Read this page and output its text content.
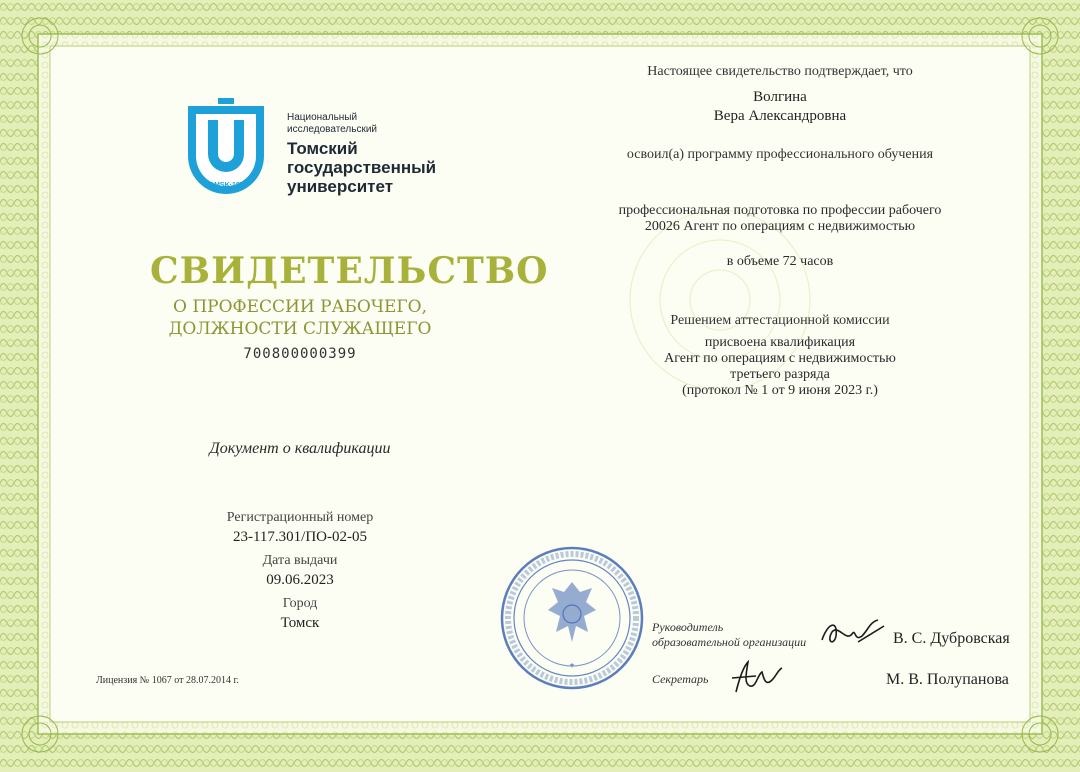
TOMSK·1878
Национальный
исследовательский
Томский
государственный
университет
СВИДЕТЕЛЬСТВО
О ПРОФЕССИИ РАБОЧЕГО,
ДОЛЖНОСТИ СЛУЖАЩЕГО
700800000399
Документ о квалификации
Регистрационный номер
23-117.301/ПО-02-05
Дата выдачи
09.06.2023
Город
Томск
Лицензия № 1067 от 28.07.2014 г.
Настоящее свидетельство подтверждает, что
Волгина
Вера Александровна
освоил(а) программу профессионального обучения
профессиональная подготовка по профессии рабочего
20026 Агент по операциям с недвижимостью
в объеме 72 часов
Решением аттестационной комиссии
присвоена квалификация
Агент по операциям с недвижимостью
третьего разряда
(протокол № 1 от 9 июня 2023 г.)
*
Руководитель
образовательной организации	В. С. Дубровская
Секретарь	М. В. Полупанова
